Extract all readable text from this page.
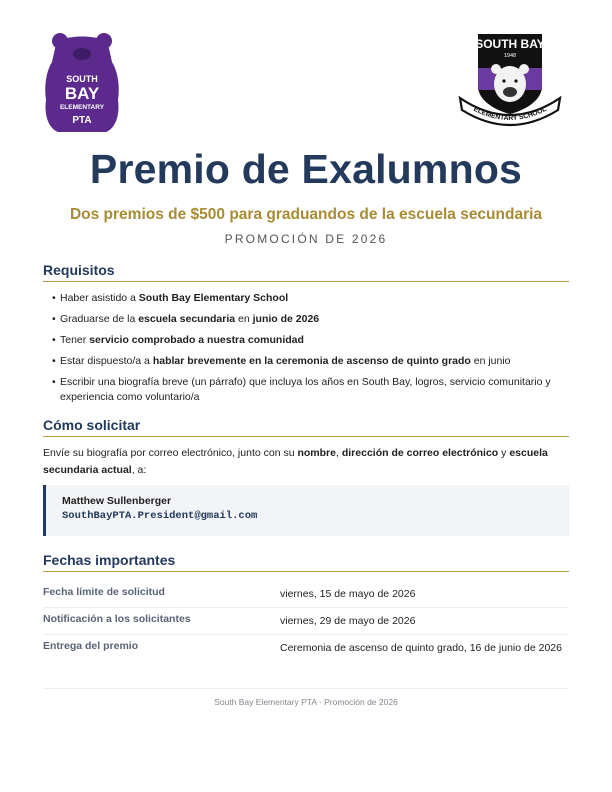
SOUTH
BAY
ELEMENTARY
PTA
SOUTH BAY
1948
ELEMENTARY SCHOOL
Premio de Exalumnos
Dos premios de $500 para graduandos de la escuela secundaria
PROMOCIÓN DE 2026
Requisitos
• Haber asistido a South Bay Elementary School
• Graduarse de la escuela secundaria en junio de 2026
• Tener servicio comprobado a nuestra comunidad
• Estar dispuesto/a a hablar brevemente en la ceremonia de ascenso de quinto grado en junio
• Escribir una biografía breve (un párrafo) que incluya los años en South Bay, logros, servicio comunitario y experiencia como voluntario/a
Cómo solicitar
Envíe su biografía por correo electrónico, junto con su nombre, dirección de correo electrónico y escuela secundaria actual, a:
Matthew Sullenberger
SouthBayPTA.President@gmail.com
Fechas importantes
Fecha límite de solicitud	viernes, 15 de mayo de 2026
Notificación a los solicitantes	viernes, 29 de mayo de 2026
Entrega del premio	Ceremonia de ascenso de quinto grado, 16 de junio de 2026
South Bay Elementary PTA · Promoción de 2026
